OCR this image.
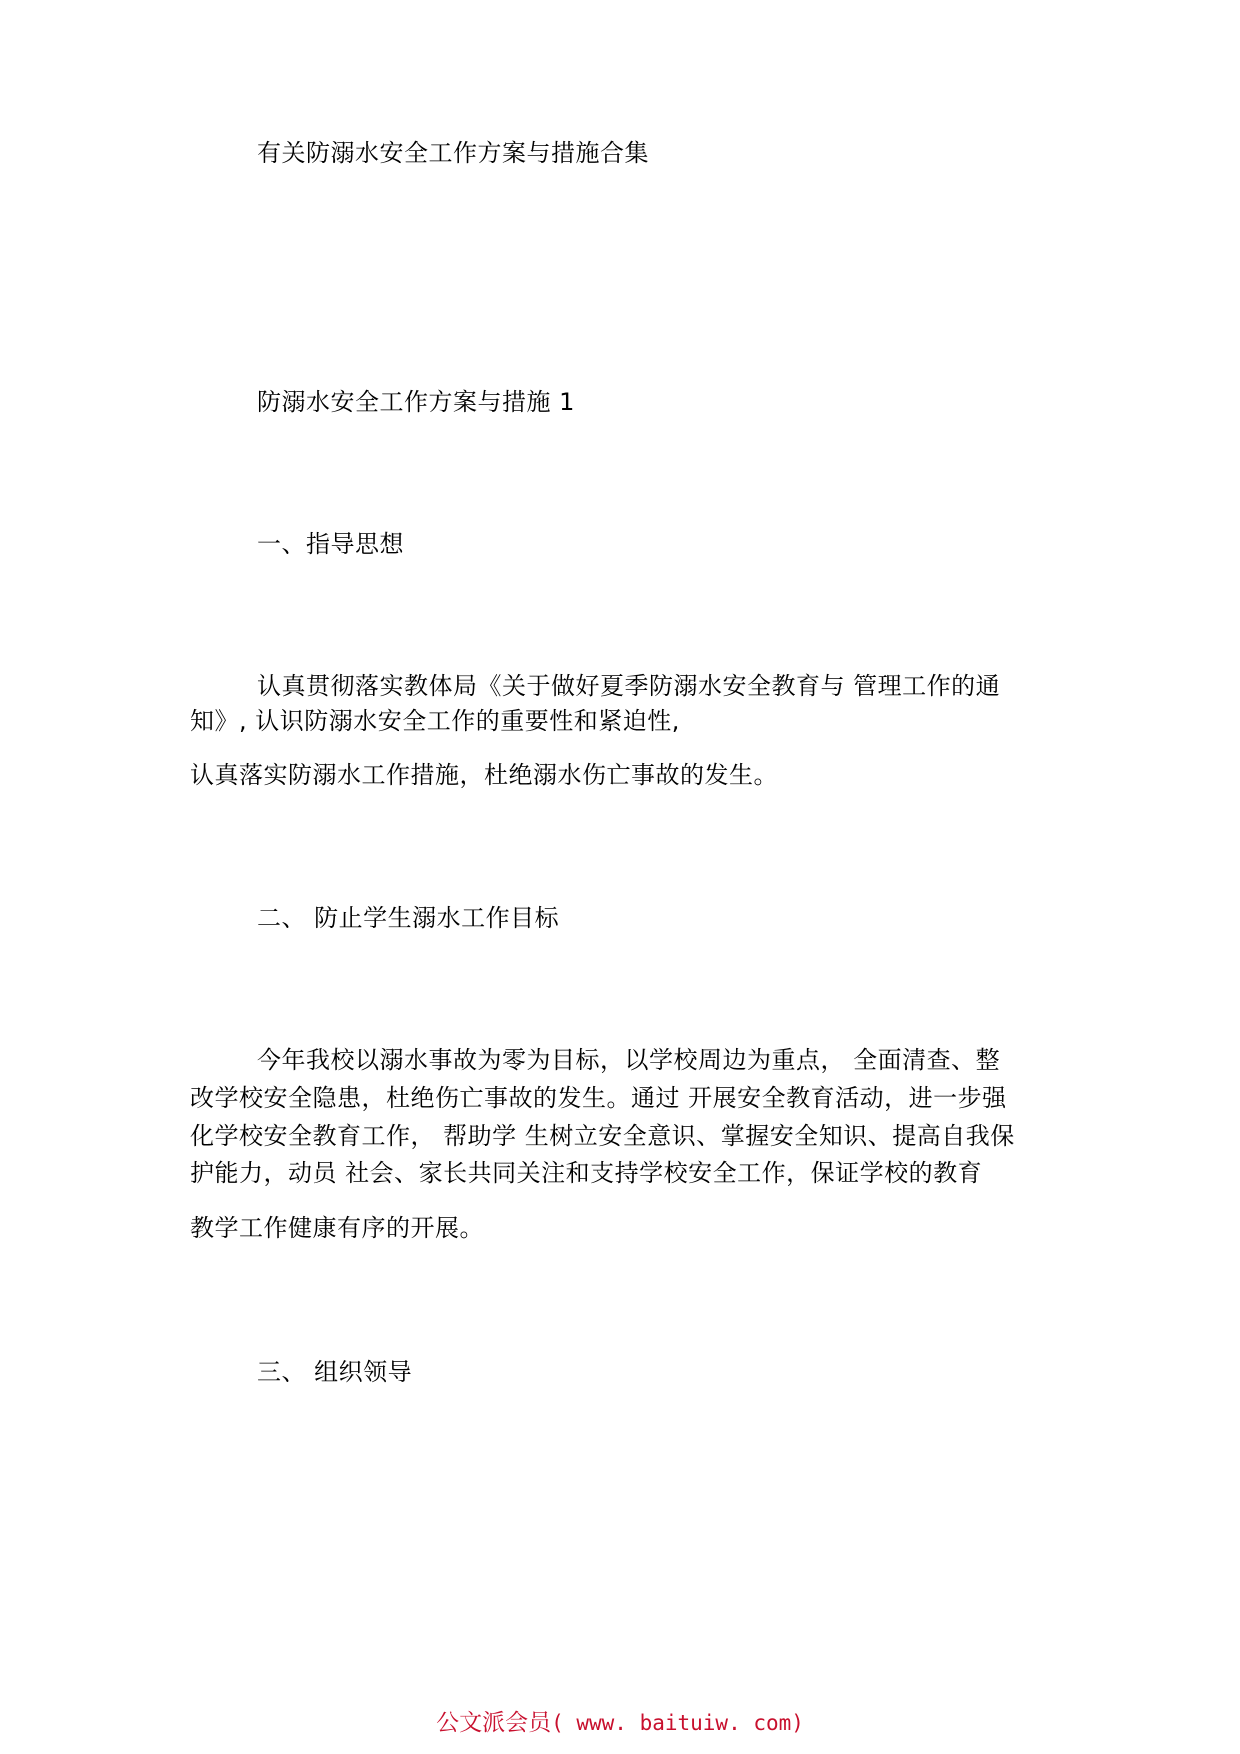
有关防溺水安全工作方案与措施合集
防溺水安全工作方案与措施 1
一、指导思想
认真贯彻落实教体局《关于做好夏季防溺水安全教育与 管理工作的通
知》, 认识防溺水安全工作的重要性和紧迫性,
认真落实防溺水工作措施，杜绝溺水伤亡事故的发生。
二、 防止学生溺水工作目标
今年我校以溺水事故为零为目标，以学校周边为重点， 全面清查、整
改学校安全隐患，杜绝伤亡事故的发生。通过 开展安全教育活动，进一步强
化学校安全教育工作， 帮助学 生树立安全意识、掌握安全知识、提高自我保
护能力，动员 社会、家长共同关注和支持学校安全工作，保证学校的教育
教学工作健康有序的开展。
三、 组织领导
公文派会员( www. baituiw. com)
